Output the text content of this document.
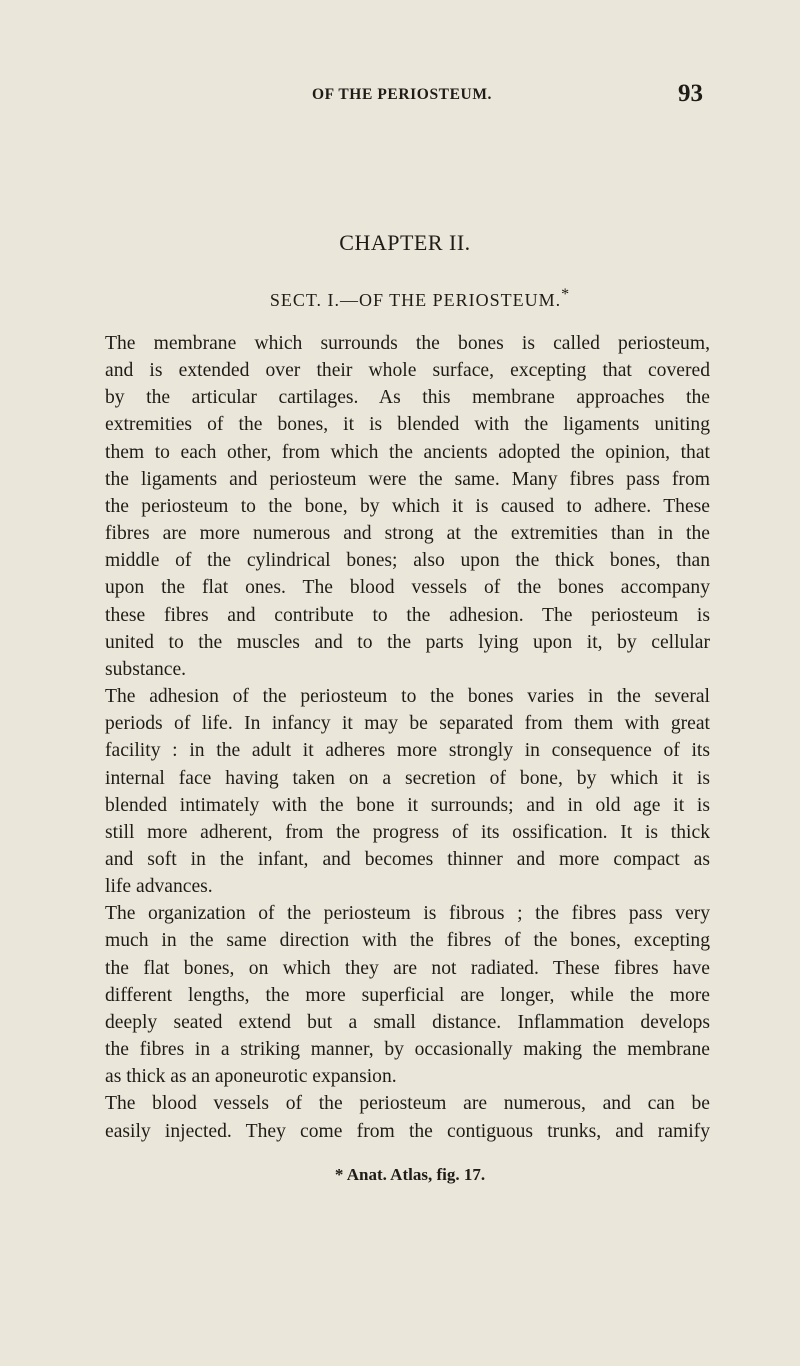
OF THE PERIOSTEUM.	93
CHAPTER II.
SECT. I.—OF THE PERIOSTEUM.*

The membrane which surrounds the bones is called periosteum,
and is extended over their whole surface, excepting that covered
by the articular cartilages. As this membrane approaches the
extremities of the bones, it is blended with the ligaments uniting
them to each other, from which the ancients adopted the opinion, that
the ligaments and periosteum were the same. Many fibres pass from
the periosteum to the bone, by which it is caused to adhere. These
fibres are more numerous and strong at the extremities than in the
middle of the cylindrical bones; also upon the thick bones, than
upon the flat ones. The blood vessels of the bones accompany
these fibres and contribute to the adhesion. The periosteum is
united to the muscles and to the parts lying upon it, by cellular
substance.

The adhesion of the periosteum to the bones varies in the several
periods of life. In infancy it may be separated from them with great
facility : in the adult it adheres more strongly in consequence of its
internal face having taken on a secretion of bone, by which it is
blended intimately with the bone it surrounds; and in old age it is
still more adherent, from the progress of its ossification. It is thick
and soft in the infant, and becomes thinner and more compact as
life advances.

The organization of the periosteum is fibrous ; the fibres pass very
much in the same direction with the fibres of the bones, excepting
the flat bones, on which they are not radiated. These fibres have
different lengths, the more superficial are longer, while the more
deeply seated extend but a small distance. Inflammation develops
the fibres in a striking manner, by occasionally making the membrane
as thick as an aponeurotic expansion.

The blood vessels of the periosteum are numerous, and can be
easily injected. They come from the contiguous trunks, and ramify

* Anat. Atlas, fig. 17.
